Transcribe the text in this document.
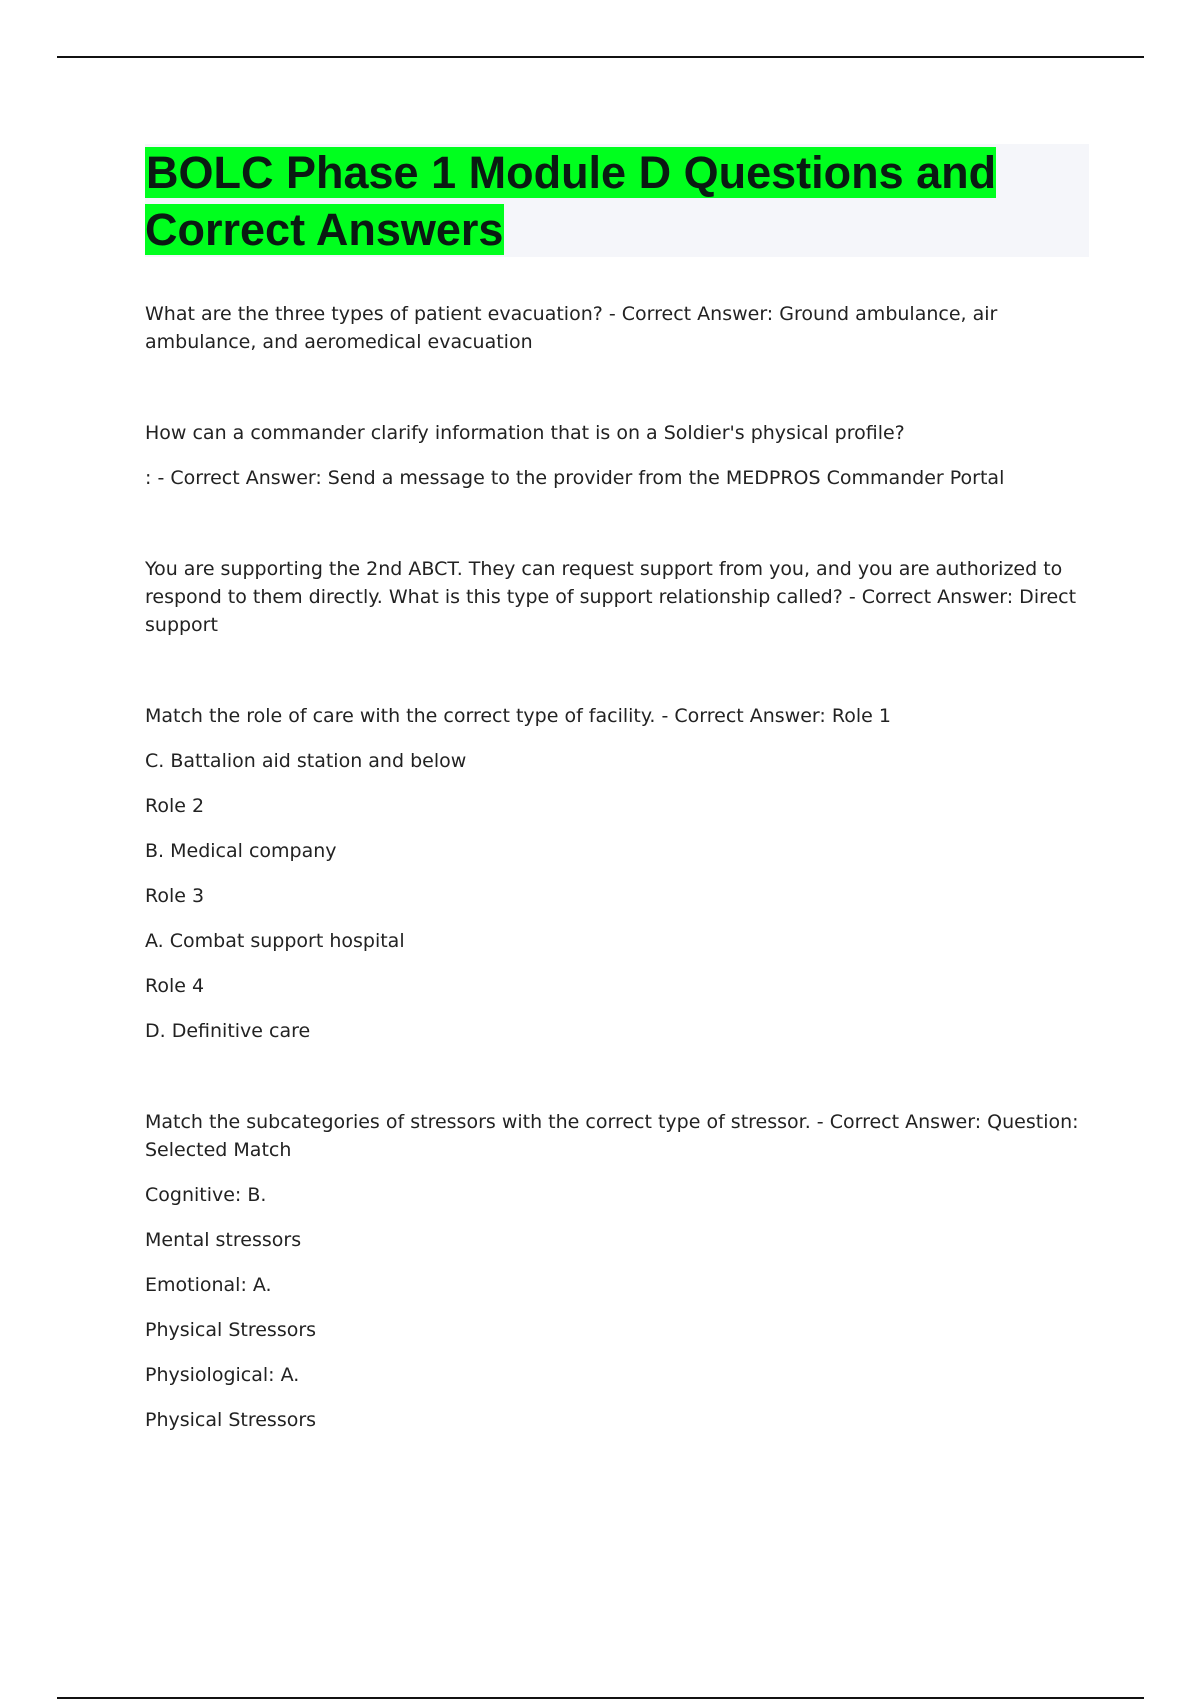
BOLC Phase 1 Module D Questions and Correct Answers

What are the three types of patient evacuation? - Correct Answer: Ground ambulance, air ambulance, and aeromedical evacuation

How can a commander clarify information that is on a Soldier's physical profile?

: - Correct Answer: Send a message to the provider from the MEDPROS Commander Portal

You are supporting the 2nd ABCT. They can request support from you, and you are authorized to respond to them directly. What is this type of support relationship called? - Correct Answer: Direct support

Match the role of care with the correct type of facility. - Correct Answer: Role 1

C. Battalion aid station and below

Role 2

B. Medical company

Role 3

A. Combat support hospital

Role 4

D. Definitive care

Match the subcategories of stressors with the correct type of stressor. - Correct Answer: Question: Selected Match

Cognitive: B.

Mental stressors

Emotional: A.

Physical Stressors

Physiological: A.

Physical Stressors
